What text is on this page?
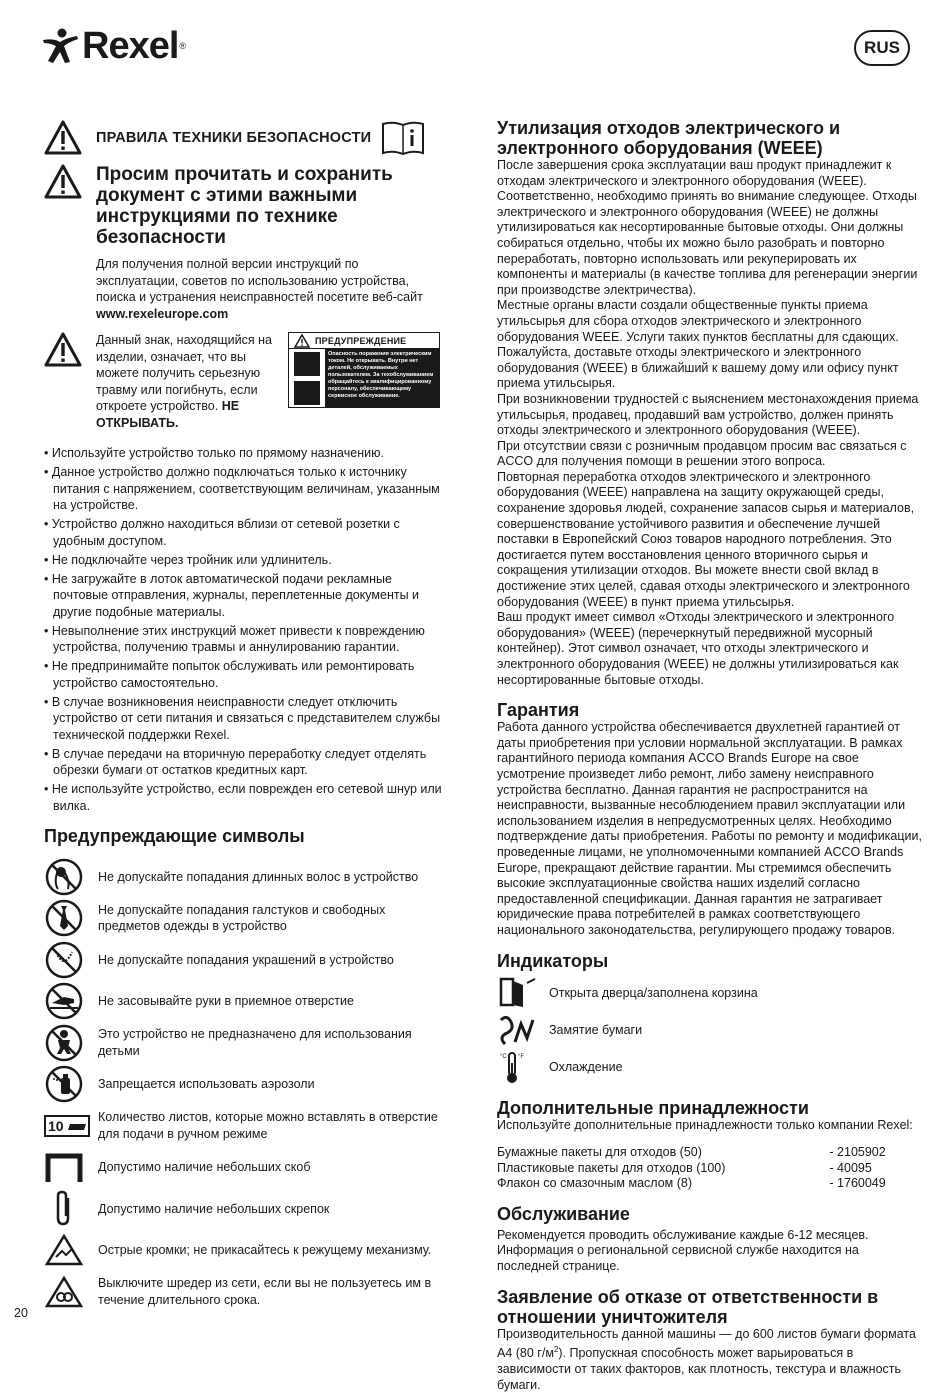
Rexel ®	RUS
ПРАВИЛА ТЕХНИКИ БЕЗОПАСНОСТИ
Просим прочитать и сохранить документ с этими важными инструкциями по технике безопасности
Для получения полной версии инструкций по эксплуатации, советов по использованию устройства, поиска и устранения неисправностей посетите веб-сайт www.rexeleurope.com
Данный знак, находящийся на изделии, означает, что вы можете получить серьезную травму или погибнуть, если откроете устройство. НЕ ОТКРЫВАТЬ.
ПРЕДУПРЕЖДЕНИЕ
Опасность поражения электрическим током. Не открывать. Внутри нет деталей, обслуживаемых пользователем. За техобслуживанием обращайтесь к квалифицированному персоналу, обеспечивающему сервисное обслуживание.
• Используйте устройство только по прямому назначению.
• Данное устройство должно подключаться только к источнику питания с напряжением, соответствующим величинам, указанным на устройстве.
• Устройство должно находиться вблизи от сетевой розетки с удобным доступом.
• Не подключайте через тройник или удлинитель.
• Не загружайте в лоток автоматической подачи рекламные почтовые отправления, журналы, переплетенные документы и другие подобные материалы.
• Невыполнение этих инструкций может привести к повреждению устройства, получению травмы и аннулированию гарантии.
• Не предпринимайте попыток обслуживать или ремонтировать устройство самостоятельно.
• В случае возникновения неисправности следует отключить устройство от сети питания и связаться с представителем службы технической поддержки Rexel.
• В случае передачи на вторичную переработку следует отделять обрезки бумаги от остатков кредитных карт.
• Не используйте устройство, если поврежден его сетевой шнур или вилка.
Предупреждающие символы
Не допускайте попадания длинных волос в устройство
Не допускайте попадания галстуков и свободных предметов одежды в устройство
Не допускайте попадания украшений в устройство
Не засовывайте руки в приемное отверстие
Это устройство не предназначено для использования детьми
Запрещается использовать аэрозоли
10
Количество листов, которые можно вставлять в отверстие для подачи в ручном режиме
Допустимо наличие небольших скоб
Допустимо наличие небольших скрепок
Острые кромки; не прикасайтесь к режущему механизму.
Выключите шредер из сети, если вы не пользуетесь им в течение длительного срока.
Утилизация отходов электрического и электронного оборудования (WEEE)
После завершения срока эксплуатации ваш продукт принадлежит к отходам электрического и электронного оборудования (WEEE). Соответственно, необходимо принять во внимание следующее. Отходы электрического и электронного оборудования (WEEE) не должны утилизироваться как несортированные бытовые отходы. Они должны собираться отдельно, чтобы их можно было разобрать и повторно переработать, повторно использовать или рекуперировать их компоненты и материалы (в качестве топлива для регенерации энергии при производстве электричества).
Местные органы власти создали общественные пункты приема утильсырья для сбора отходов электрического и электронного оборудования WEEE. Услуги таких пунктов бесплатны для сдающих.
Пожалуйста, доставьте отходы электрического и электронного оборудования (WEEE) в ближайший к вашему дому или офису пункт приема утильсырья.
При возникновении трудностей с выяснением местонахождения приема утильсырья, продавец, продавший вам устройство, должен принять отходы электрического и электронного оборудования (WEEE).
При отсутствии связи с розничным продавцом просим вас связаться с ACCO для получения помощи в решении этого вопроса.
Повторная переработка отходов электрического и электронного оборудования (WEEE) направлена на защиту окружающей среды, сохранение здоровья людей, сохранение запасов сырья и материалов, совершенствование устойчивого развития и обеспечение лучшей поставки в Европейский Союз товаров народного потребления. Это достигается путем восстановления ценного вторичного сырья и сокращения утилизации отходов. Вы можете внести свой вклад в достижение этих целей, сдавая отходы электрического и электронного оборудования (WEEE) в пункт приема утильсырья.
Ваш продукт имеет символ «Отходы электрического и электронного оборудования» (WEEE) (перечеркнутый передвижной мусорный контейнер). Этот символ означает, что отходы электрического и электронного оборудования (WEEE) не должны утилизироваться как несортированные бытовые отходы.
Гарантия
Работа данного устройства обеспечивается двухлетней гарантией от даты приобретения при условии нормальной эксплуатации. В рамках гарантийного периода компания ACCO Brands Europe на свое усмотрение произведет либо ремонт, либо замену неисправного устройства бесплатно. Данная гарантия не распространится на неисправности, вызванные несоблюдением правил эксплуатации или использованием изделия в непредусмотренных целях. Необходимо подтверждение даты приобретения. Работы по ремонту и модификации, проведенные лицами, не уполномоченными компанией ACCO Brands Europe, прекращают действие гарантии. Мы стремимся обеспечить высокие эксплуатационные свойства наших изделий согласно предоставленной спецификации. Данная гарантия не затрагивает юридические права потребителей в рамках соответствующего национального законодательства, регулирующего продажу товаров.
Индикаторы
Открыта дверца/заполнена корзина
Замятие бумаги
°C °F
Охлаждение
Дополнительные принадлежности
Используйте дополнительные принадлежности только компании Rexel:
Бумажные пакеты для отходов (50)	- 2105902
Пластиковые пакеты для отходов (100)	- 40095
Флакон со смазочным маслом (8)	- 1760049
Обслуживание
Рекомендуется проводить обслуживание каждые 6-12 месяцев. Информация о региональной сервисной службе находится на последней странице.
Заявление об отказе от ответственности в отношении уничтожителя
Производительность данной машины — до 600 листов бумаги формата A4 (80 $г/м^2$). Пропускная способность может варьироваться в зависимости от таких факторов, как плотность, текстура и влажность бумаги.
20
